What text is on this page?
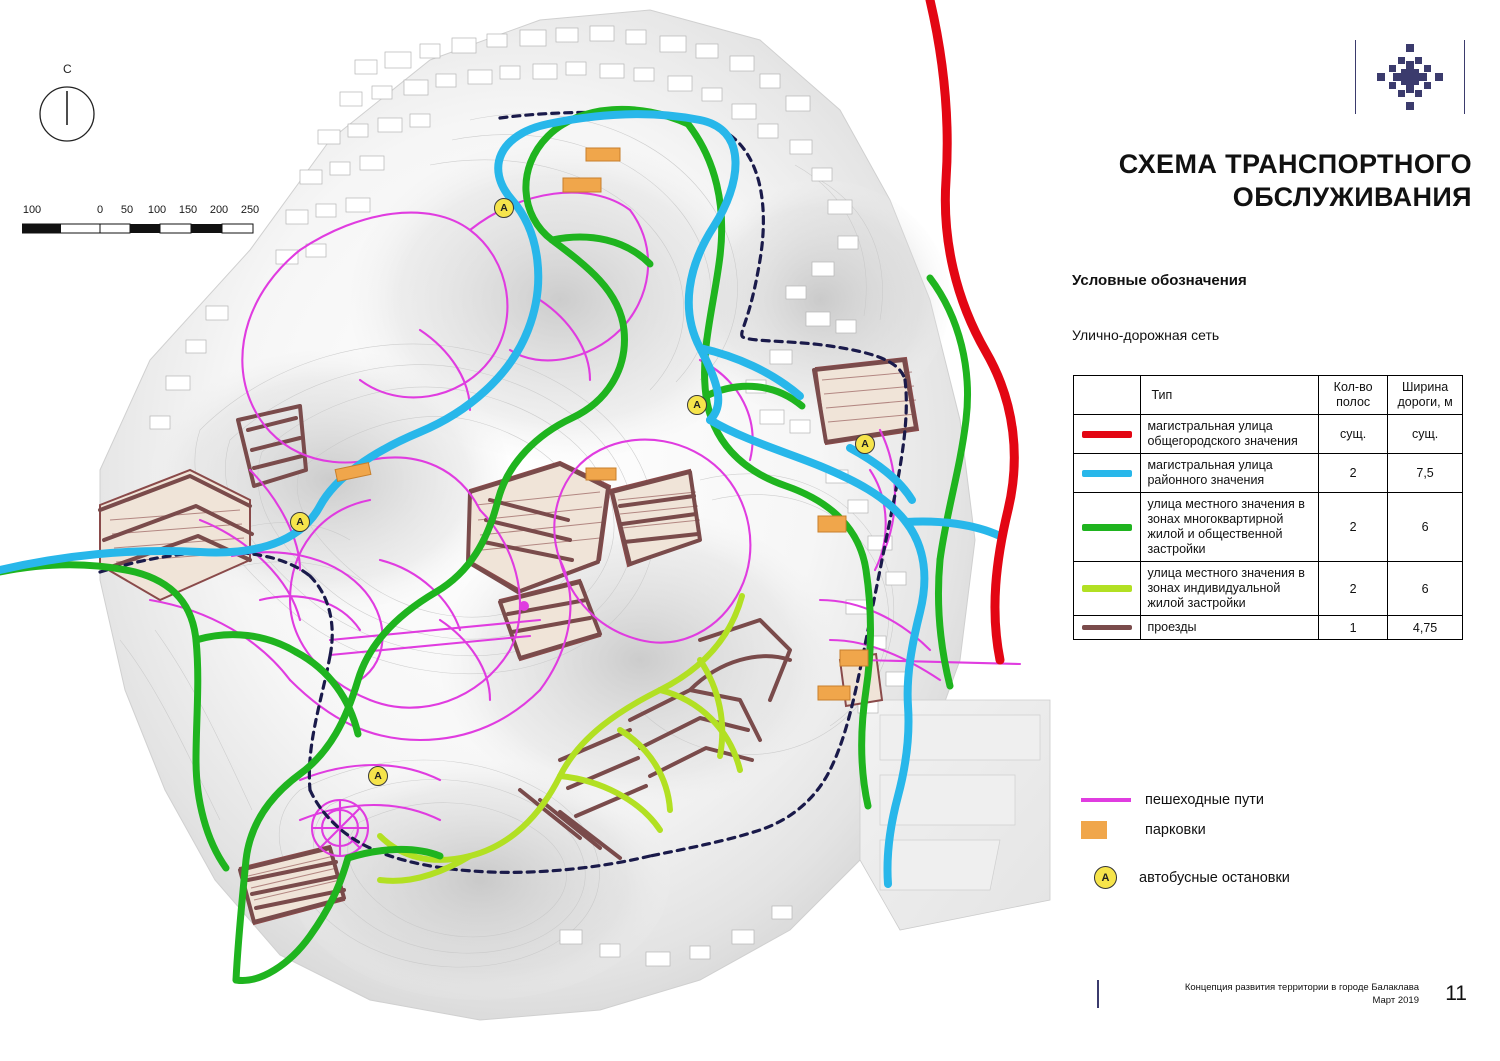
А
А
А
А
А
С
100	0 50 100 150 200 250
СХЕМА ТРАНСПОРТНОГО
ОБСЛУЖИВАНИЯ
Условные обозначения
Улично-дорожная сеть
	Тип	Кол-во полос	Ширина дороги, м

	магистральная улица общегородского значения	сущ.	сущ.

	магистральная улица районного значения	2	7,5

	улица местного значения в зонах многоквартирной жилой и общественной застройки	2	6

	улица местного значения в зонах индивидуальной жилой застройки	2	6

	проезды	1	4,75
пешеходные пути
парковки
А	автобусные остановки
Концепция развития территории в городе Балаклава
Март 2019	11
